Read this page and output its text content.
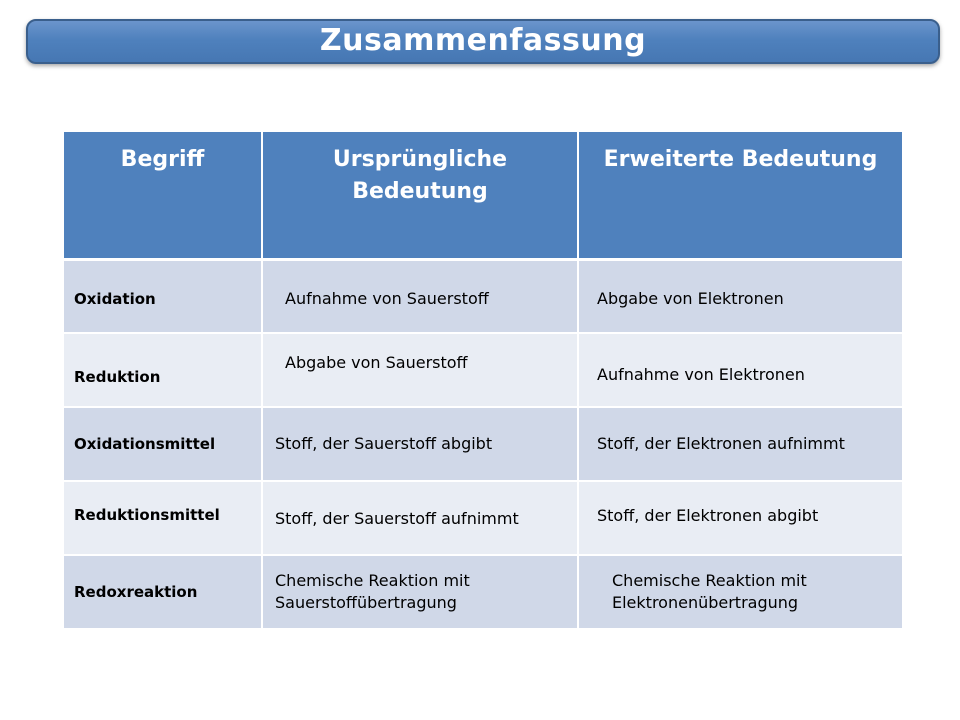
Zusammenfassung
Begriff	Ursprüngliche Bedeutung	Erweiterte Bedeutung
Oxidation	Aufnahme von Sauerstoff	Abgabe von Elektronen
Reduktion	Abgabe von Sauerstoff	Aufnahme von Elektronen
Oxidationsmittel	Stoff, der Sauerstoff abgibt	Stoff, der Elektronen aufnimmt
Reduktionsmittel	Stoff, der Sauerstoff aufnimmt	Stoff, der Elektronen abgibt
Redoxreaktion	Chemische Reaktion mit Sauerstoffübertragung	Chemische Reaktion mit Elektronenübertragung
